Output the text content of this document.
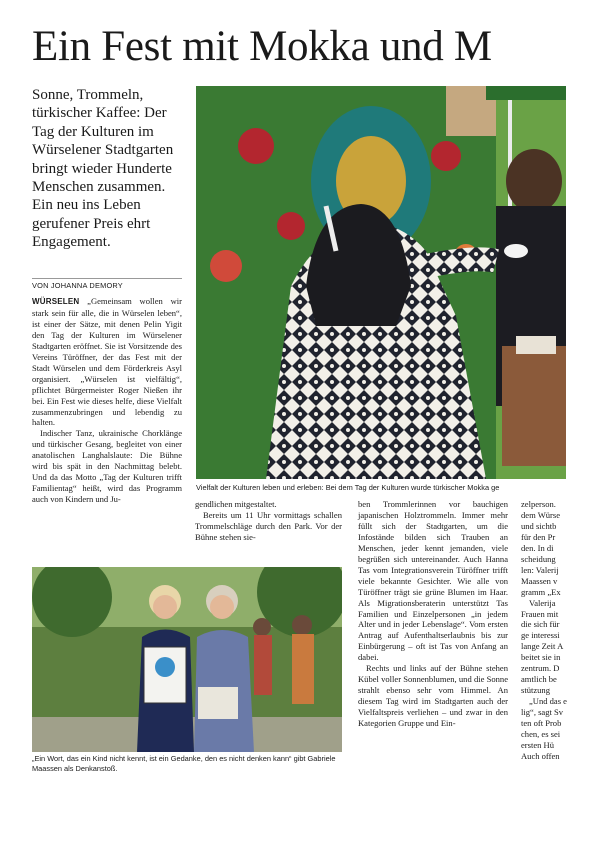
Ein Fest mit Mokka und M
Sonne, Trommeln, türkischer Kaffee: Der Tag der Kulturen im Würselener Stadtgarten bringt wieder Hunderte Menschen zusammen. Ein neu ins Leben gerufener Preis ehrt Engagement.
VON JOHANNA DEMORY

WÜRSELEN „Gemeinsam wollen wir stark sein für alle, die in Würselen leben“, ist einer der Sätze, mit denen Pelin Yigit den Tag der Kulturen im Würselener Stadtgarten eröffnet. Sie ist Vorsitzende des Vereins Türöffner, der das Fest mit der Stadt Würselen und dem Förderkreis Asyl organisiert. „Würselen ist vielfältig“, pflichtet Bürgermeister Roger Nießen ihr bei. Ein Fest wie dieses helfe, diese Vielfalt zusammenzubringen und lebendig zu halten.

Indischer Tanz, ukrainische Chorklänge und türkischer Gesang, begleitet von einer anatolischen Langhalslaute: Die Bühne wird bis spät in den Nachmittag belebt. Und da das Motto „Tag der Kulturen trifft Familientag“ heißt, wird das Programm auch von Kindern und Ju-

Vielfalt der Kulturen leben und erleben: Bei dem Tag der Kulturen wurde türkischer Mokka ge

gendlichen mitgestaltet.

Bereits um 11 Uhr vormittags schallen Trommelschläge durch den Park. Vor der Bühne stehen sie-

ben Trommlerinnen vor bauchigen japanischen Holztrommeln. Immer mehr füllt sich der Stadtgarten, um die Infostände bilden sich Trauben an Menschen, jeder kennt jemanden, viele begrüßen sich untereinander. Auch Hanna Tas vom Integrationsverein Türöffner trifft viele bekannte Gesichter. Wie alle von Türöffner trägt sie grüne Blumen im Haar. Als Migrationsberaterin unterstützt Tas Familien und Einzelpersonen „in jedem Alter und in jeder Lebenslage“. Vom ersten Antrag auf Aufenthaltserlaubnis bis zur Einbürgerung – oft ist Tas von Anfang an dabei.

Rechts und links auf der Bühne stehen Kübel voller Sonnenblumen, und die Sonne strahlt ebenso sehr vom Himmel. An diesem Tag wird im Stadtgarten auch der Vielfaltspreis verliehen – und zwar in den Kategorien Gruppe und Ein-

zelperson.
dem Würse
und sichtb
für den Pr
den. In di
scheidung
len: Valerij
Maassen v
gramm „Ex
Valerija
Frauen mit
die sich für
ge interessi
lange Zeit A
beitet sie in
zentrum. D
amtlich be
stützung
„Und das e
lig“, sagt Sv
ten oft Prob
chen, es sei
ersten Hü
Auch offen
„Ein Wort, das ein Kind nicht kennt, ist ein Gedanke, den es nicht denken kann“ gibt Gabriele Maassen als Denkanstoß.
